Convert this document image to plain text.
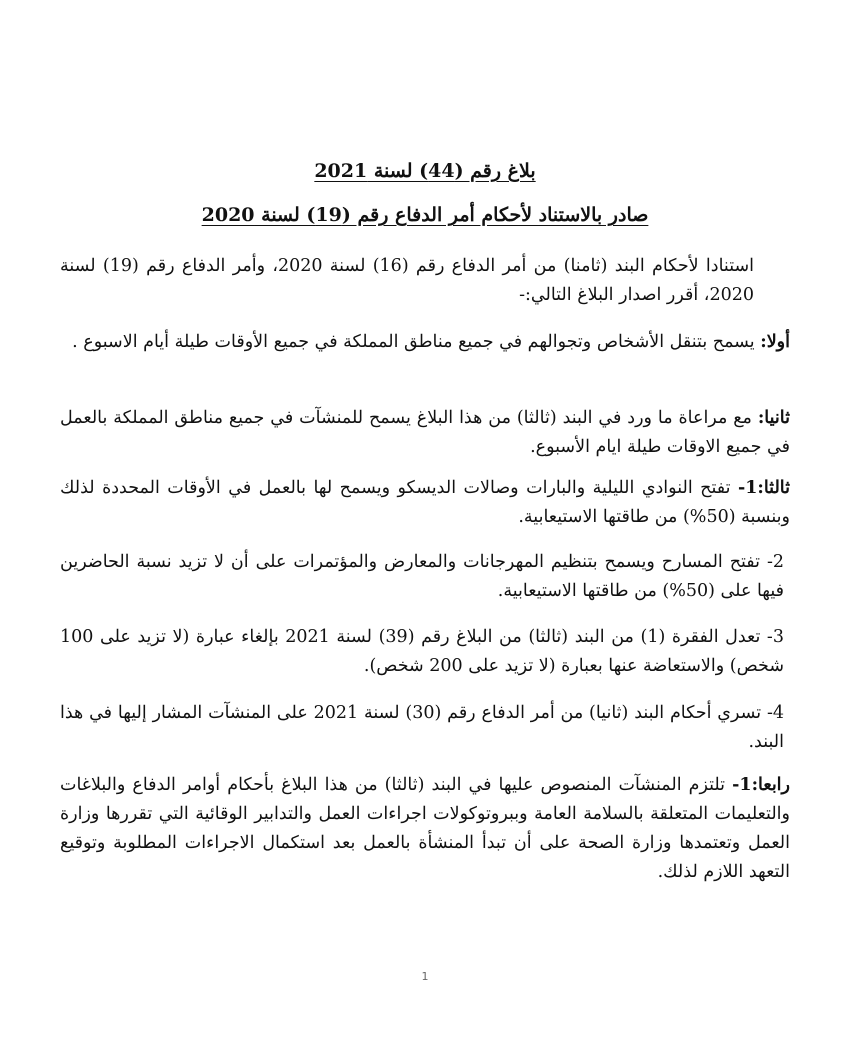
بلاغ رقم (44) لسنة 2021
صادر بالاستناد لأحكام أمر الدفاع رقم (19) لسنة 2020
استنادا لأحكام البند (ثامنا) من أمر الدفاع رقم (16) لسنة 2020، وأمر الدفاع رقم (19) لسنة 2020، أقرر اصدار البلاغ التالي:-
أولا: يسمح بتنقل الأشخاص وتجوالهم في جميع مناطق المملكة في جميع الأوقات طيلة أيام الاسبوع .
ثانيا: مع مراعاة ما ورد في البند (ثالثا) من هذا البلاغ يسمح للمنشآت في جميع مناطق المملكة بالعمل في جميع الاوقات طيلة ايام الأسبوع.
ثالثا:1- تفتح النوادي الليلية والبارات وصالات الديسكو ويسمح لها بالعمل في الأوقات المحددة لذلك وبنسبة (50%) من طاقتها الاستيعابية.
2- تفتح المسارح ويسمح بتنظيم المهرجانات والمعارض والمؤتمرات على أن لا تزيد نسبة الحاضرين فيها على (50%) من طاقتها الاستيعابية.
3- تعدل الفقرة (1) من البند (ثالثا) من البلاغ رقم (39) لسنة 2021 بإلغاء عبارة (لا تزيد على 100 شخص) والاستعاضة عنها بعبارة (لا تزيد على 200 شخص).
4- تسري أحكام البند (ثانيا) من أمر الدفاع رقم (30) لسنة 2021 على المنشآت المشار إليها في هذا البند.
رابعا:1- تلتزم المنشآت المنصوص عليها في البند (ثالثا) من هذا البلاغ بأحكام أوامر الدفاع والبلاغات والتعليمات المتعلقة بالسلامة العامة وببروتوكولات اجراءات العمل والتدابير الوقائية التي تقررها وزارة العمل وتعتمدها وزارة الصحة على أن تبدأ المنشأة بالعمل بعد استكمال الاجراءات المطلوبة وتوقيع التعهد اللازم لذلك.
1
